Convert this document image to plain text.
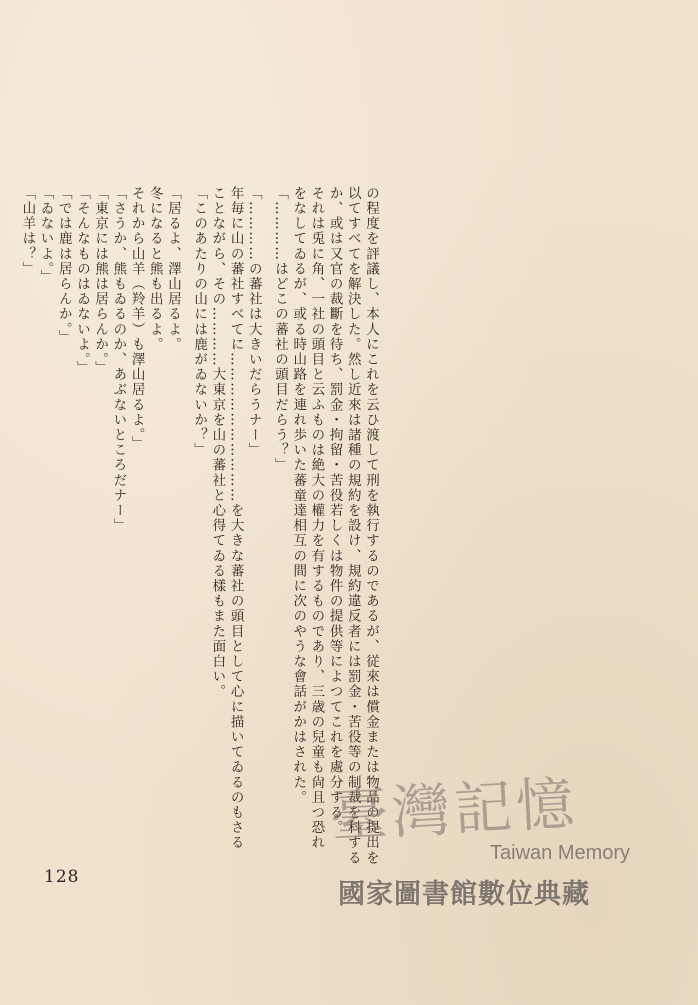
の程度を評議し、本人にこれを云ひ渡して刑を執行するのであるが、従來は償金または物品の提出を
以てすべてを解決した。然し近來は諸種の規約を設け、規約違反者には罰金・苦役等の制裁を科する
か、或は又官の裁斷を待ち、罰金・拘留・苦役若しくは物件の提供等によつてこれを處分する。
それは兎に角、一社の頭目と云ふものは絶大の權力を有するものであり、三歳の兒童も尙且つ恐れ
をなしてゐるが、或る時山路を連れ歩いた蕃童達相互の間に次のやうな會話がかはされた。
「…………はどこの蕃社の頭目だらう？」
「…………の蕃社は大きいだらうナー」
年毎に山の蕃社すべてに…………………………を大きな蕃社の頭目として心に描いてゐるのもさる
ことながら、その…………大東京を山の蕃社と心得てゐる樣もまた面白い。
「このあたりの山には鹿がゐないか？」
「居るよ、澤山居るよ。
冬になると熊も出るよ。
それから山羊（羚羊）も澤山居るよ。」
「さうか、熊もゐるのか、あぶないところだナー」
「東京には熊は居らんか。」
「そんなものはゐないよ。」
「では鹿は居らんか。」
「ゐないよ。」
「山羊は？」
128
臺灣記憶
Taiwan Memory
國家圖書館數位典藏
